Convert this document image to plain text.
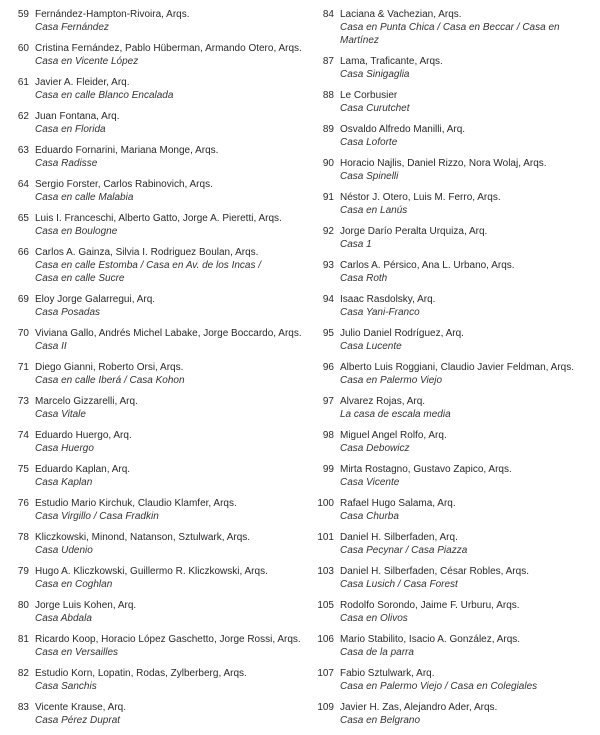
59 Fernández-Hampton-Rivoira, Arqs.
Casa Fernández
60 Cristina Fernández, Pablo Hüberman, Armando Otero, Arqs.
Casa en Vicente López
61 Javier A. Fleider, Arq.
Casa en calle Blanco Encalada
62 Juan Fontana, Arq.
Casa en Florida
63 Eduardo Fornarini, Mariana Monge, Arqs.
Casa Radisse
64 Sergio Forster, Carlos Rabinovich, Arqs.
Casa en calle Malabia
65 Luis I. Franceschi, Alberto Gatto, Jorge A. Pieretti, Arqs.
Casa en Boulogne
66 Carlos A. Gainza, Silvia I. Rodriguez Boulan, Arqs.
Casa en calle Estomba / Casa en Av. de los Incas /
Casa en calle Sucre
69 Eloy Jorge Galarregui, Arq.
Casa Posadas
70 Viviana Gallo, Andrés Michel Labake, Jorge Boccardo, Arqs.
Casa II
71 Diego Gianni, Roberto Orsi, Arqs.
Casa en calle Iberá / Casa Kohon
73 Marcelo Gizzarelli, Arq.
Casa Vitale
74 Eduardo Huergo, Arq.
Casa Huergo
75 Eduardo Kaplan, Arq.
Casa Kaplan
76 Estudio Mario Kirchuk, Claudio Klamfer, Arqs.
Casa Virgillo / Casa Fradkin
78 Kliczkowski, Minond, Natanson, Sztulwark, Arqs.
Casa Udenio
79 Hugo A. Kliczkowski, Guillermo R. Kliczkowski, Arqs.
Casa en Coghlan
80 Jorge Luis Kohen, Arq.
Casa Abdala
81 Ricardo Koop, Horacio López Gaschetto, Jorge Rossi, Arqs.
Casa en Versailles
82 Estudio Korn, Lopatin, Rodas, Zylberberg, Arqs.
Casa Sanchis
83 Vicente Krause, Arq.
Casa Pérez Duprat
84 Laciana & Vachezian, Arqs.
Casa en Punta Chica / Casa en Beccar / Casa en Martínez
87 Lama, Traficante, Arqs.
Casa Sinigaglia
88 Le Corbusier
Casa Curutchet
89 Osvaldo Alfredo Manilli, Arq.
Casa Loforte
90 Horacio Najlis, Daniel Rizzo, Nora Wolaj, Arqs.
Casa Spinelli
91 Néstor J. Otero, Luis M. Ferro, Arqs.
Casa en Lanús
92 Jorge Darío Peralta Urquiza, Arq.
Casa 1
93 Carlos A. Pérsico, Ana L. Urbano, Arqs.
Casa Roth
94 Isaac Rasdolsky, Arq.
Casa Yani-Franco
95 Julio Daniel Rodríguez, Arq.
Casa Lucente
96 Alberto Luis Roggiani, Claudio Javier Feldman, Arqs.
Casa en Palermo Viejo
97 Alvarez Rojas, Arq.
La casa de escala media
98 Miguel Angel Rolfo, Arq.
Casa Debowicz
99 Mirta Rostagno, Gustavo Zapico, Arqs.
Casa Vicente
100 Rafael Hugo Salama, Arq.
Casa Churba
101 Daniel H. Silberfaden, Arq.
Casa Pecynar / Casa Piazza
103 Daniel H. Silberfaden, César Robles, Arqs.
Casa Lusich / Casa Forest
105 Rodolfo Sorondo, Jaime F. Urburu, Arqs.
Casa en Olivos
106 Mario Stabilito, Isacio A. González, Arqs.
Casa de la parra
107 Fabio Sztulwark, Arq.
Casa en Palermo Viejo / Casa en Colegiales
109 Javier H. Zas, Alejandro Ader, Arqs.
Casa en Belgrano
